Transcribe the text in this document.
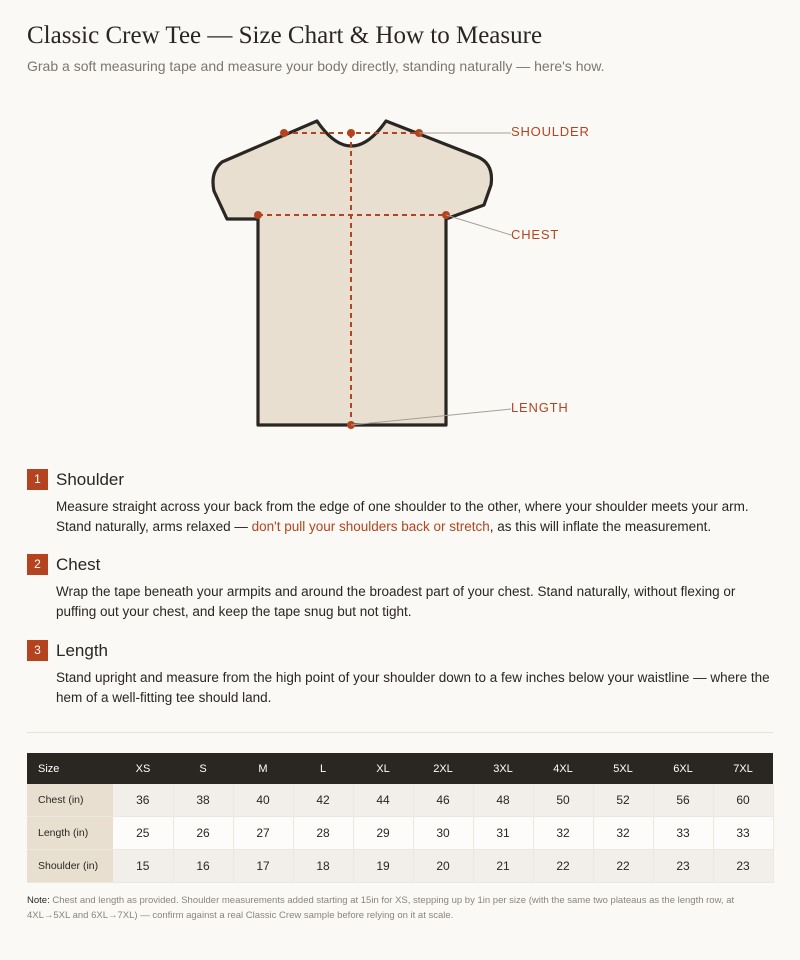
Classic Crew Tee — Size Chart & How to Measure

Grab a soft measuring tape and measure your body directly, standing naturally — here's how.

SHOULDER
CHEST
LENGTH
1 Shoulder

Measure straight across your back from the edge of one shoulder to the other, where your shoulder meets your arm. Stand naturally, arms relaxed — don't pull your shoulders back or stretch, as this will inflate the measurement.

2 Chest

Wrap the tape beneath your armpits and around the broadest part of your chest. Stand naturally, without flexing or puffing out your chest, and keep the tape snug but not tight.

3 Length

Stand upright and measure from the high point of your shoulder down to a few inches below your waistline — where the hem of a well-fitting tee should land.

Size	XS	S	M	L	XL	2XL	3XL	4XL	5XL	6XL	7XL
Chest (in)	36	38	40	42	44	46	48	50	52	56	60
Length (in)	25	26	27	28	29	30	31	32	32	33	33
Shoulder (in)	15	16	17	18	19	20	21	22	22	23	23

Note: Chest and length as provided. Shoulder measurements added starting at 15in for XS, stepping up by 1in per size (with the same two plateaus as the length row, at 4XL→5XL and 6XL→7XL) — confirm against a real Classic Crew sample before relying on it at scale.
